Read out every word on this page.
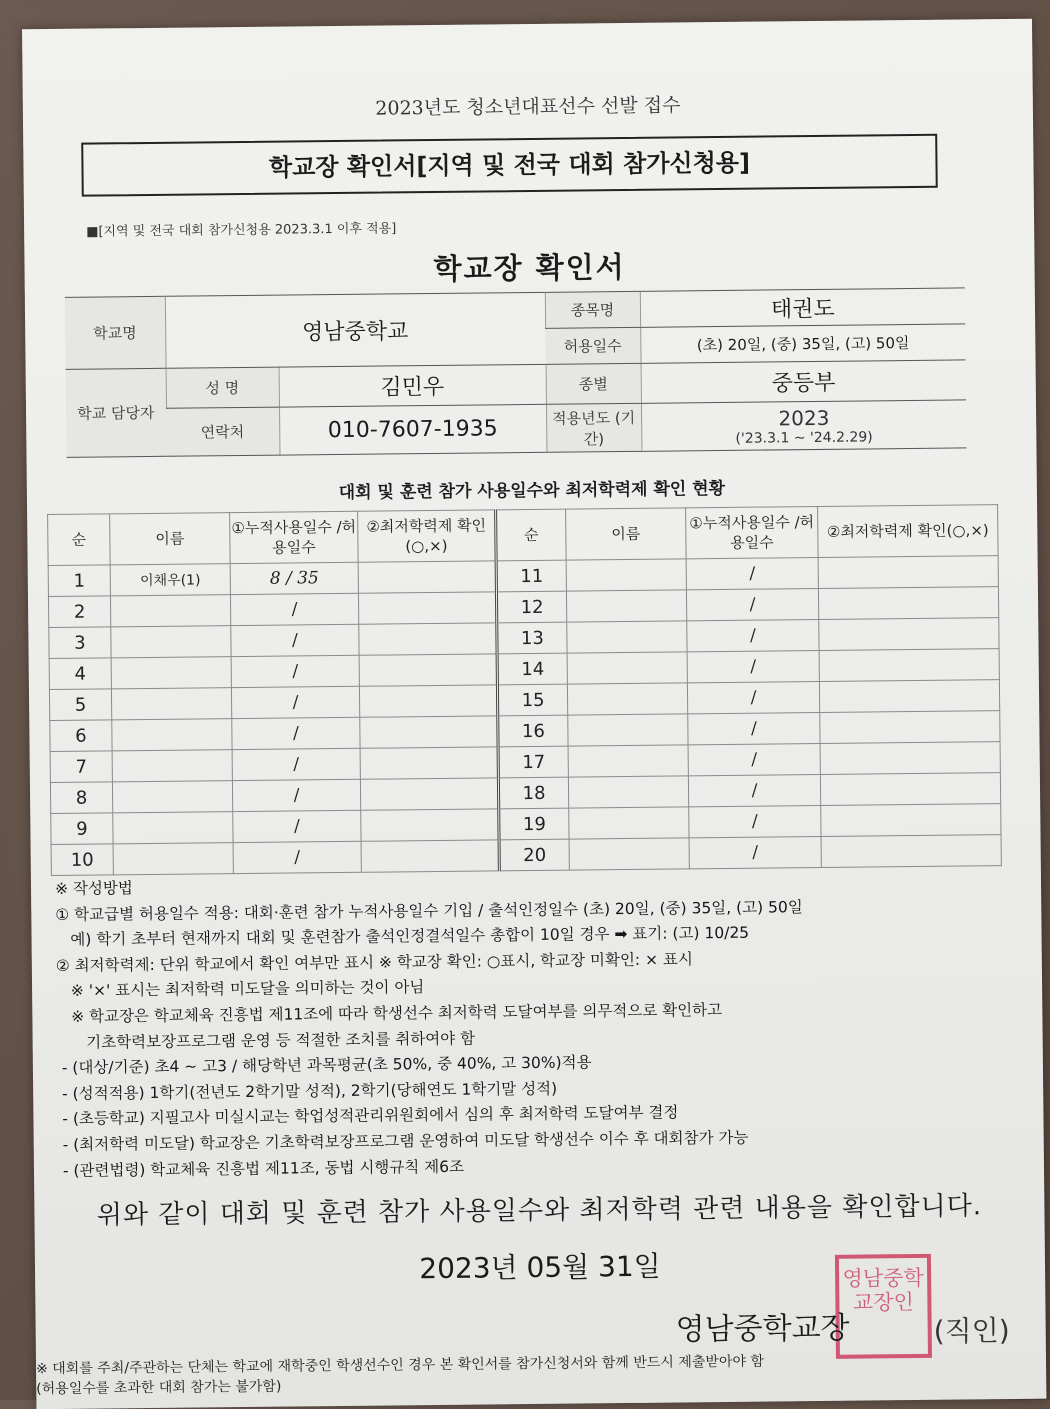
2023년도 청소년대표선수 선발 접수
학교장 확인서[지역 및 전국 대회 참가신청용]
■[지역 및 전국 대회 참가신청용 2023.3.1 이후 적용]
학교장 확인서
학교명	영남중학교		종목명	태권도
			허용일수	(초) 20일, (중) 35일, (고) 50일
학교 담당자	성 명	김민우	종별	중등부
	연락처	010-7607-1935	적용년도 (기간)	2023
('23.3.1 ~ '24.2.29)
대회 및 훈련 참가 사용일수와 최저학력제 확인 현황
순	이름	①누적사용일수 /허용일수	②최저학력제 확인(○,×)	순	이름	①누적사용일수 /허용일수	②최저학력제 확인(○,×)
1	이채우(1)	8 / 35		11		/	
2		/		12		/	
3		/		13		/	
4		/		14		/	
5		/		15		/	
6		/		16		/	
7		/		17		/	
8		/		18		/	
9		/		19		/	
10		/		20		/	
※ 작성방법
① 학교급별 허용일수 적용: 대회·훈련 참가 누적사용일수 기입 / 출석인정일수 (초) 20일, (중) 35일, (고) 50일
예) 학기 초부터 현재까지 대회 및 훈련참가 출석인정결석일수 총합이 10일 경우 ➡ 표기: (고) 10/25
② 최저학력제: 단위 학교에서 확인 여부만 표시 ※ 학교장 확인: ○표시, 학교장 미확인: × 표시
※ '×' 표시는 최저학력 미도달을 의미하는 것이 아님
※ 학교장은 학교체육 진흥법 제11조에 따라 학생선수 최저학력 도달여부를 의무적으로 확인하고
기초학력보장프로그램 운영 등 적절한 조치를 취하여야 함
- (대상/기준) 초4 ~ 고3 / 해당학년 과목평균(초 50%, 중 40%, 고 30%)적용
- (성적적용) 1학기(전년도 2학기말 성적), 2학기(당해연도 1학기말 성적)
- (초등학교) 지필고사 미실시교는 학업성적관리위원회에서 심의 후 최저학력 도달여부 결정
- (최저학력 미도달) 학교장은 기초학력보장프로그램 운영하여 미도달 학생선수 이수 후 대회참가 가능
- (관련법령) 학교체육 진흥법 제11조, 동법 시행규칙 제6조
위와 같이 대회 및 훈련 참가 사용일수와 최저학력 관련 내용을 확인합니다.
2023년 05월 31일	영남중학교장인
영남중학교장	(직인)
※ 대회를 주최/주관하는 단체는 학교에 재학중인 학생선수인 경우 본 확인서를 참가신청서와 함께 반드시 제출받아야 함
(허용일수를 초과한 대회 참가는 불가함)
